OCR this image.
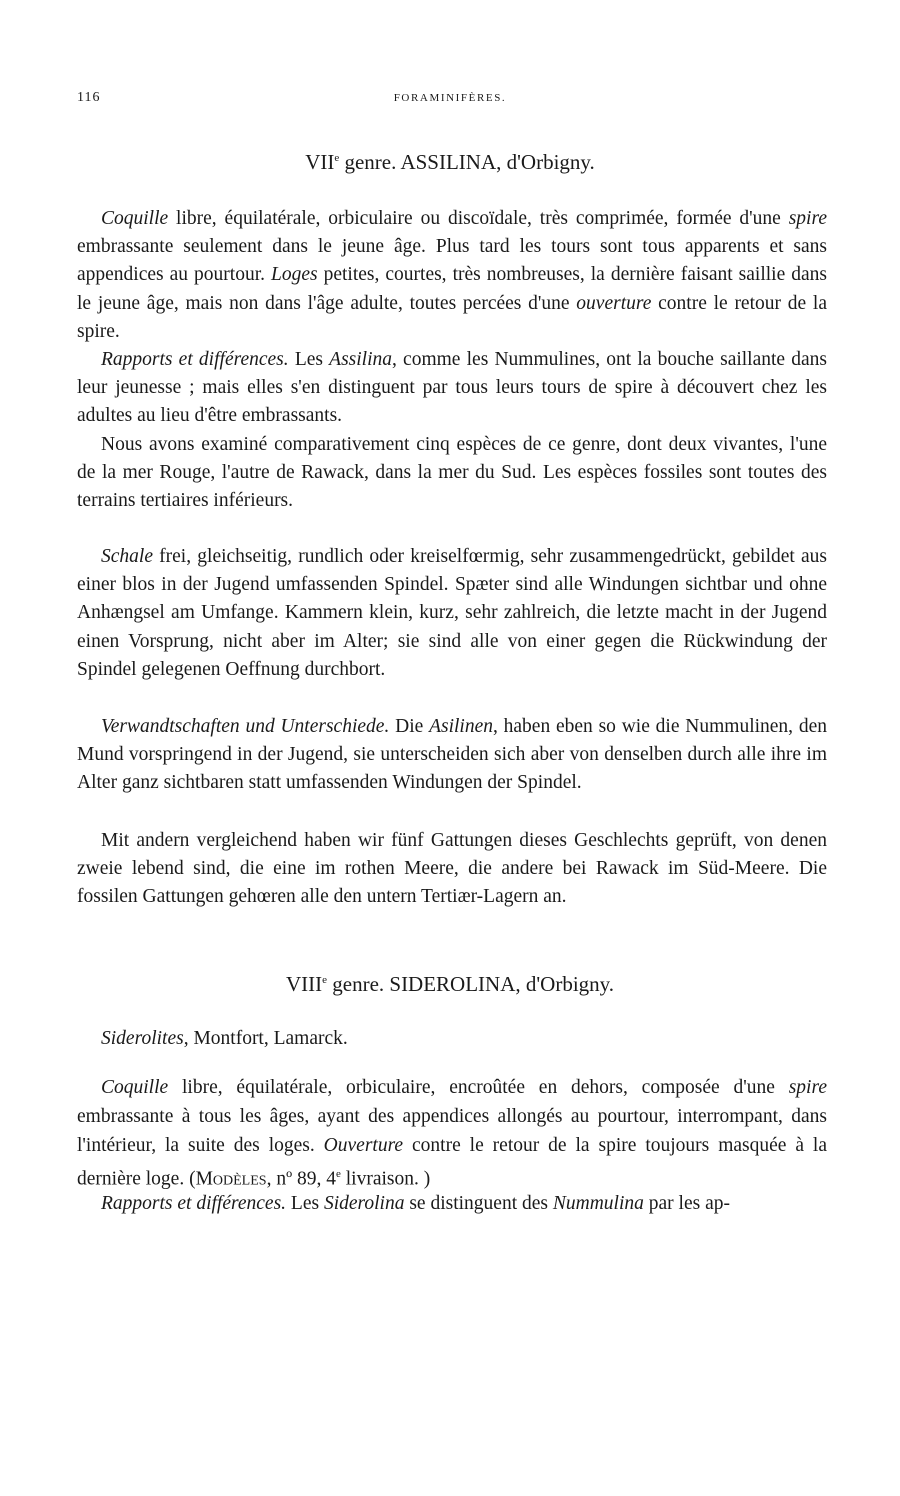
116	FORAMINIFÈRES.
VIIe genre. ASSILINA, d'Orbigny.

Coquille libre, équilatérale, orbiculaire ou discoïdale, très comprimée, formée d'une spire embrassante seulement dans le jeune âge. Plus tard les tours sont tous apparents et sans appendices au pourtour. Loges petites, courtes, très nombreuses, la dernière faisant saillie dans le jeune âge, mais non dans l'âge adulte, toutes percées d'une ouverture contre le retour de la spire.

Rapports et différences. Les Assilina, comme les Nummulines, ont la bouche saillante dans leur jeunesse ; mais elles s'en distinguent par tous leurs tours de spire à découvert chez les adultes au lieu d'être embrassants.

Nous avons examiné comparativement cinq espèces de ce genre, dont deux vivantes, l'une de la mer Rouge, l'autre de Rawack, dans la mer du Sud. Les espèces fossiles sont toutes des terrains tertiaires inférieurs.

Schale frei, gleichseitig, rundlich oder kreiselfœrmig, sehr zusammengedrückt, gebildet aus einer blos in der Jugend umfassenden Spindel. Spæter sind alle Windungen sichtbar und ohne Anhængsel am Umfange. Kammern klein, kurz, sehr zahlreich, die letzte macht in der Jugend einen Vorsprung, nicht aber im Alter; sie sind alle von einer gegen die Rückwindung der Spindel gelegenen Oeffnung durchbort.

Verwandtschaften und Unterschiede. Die Asilinen, haben eben so wie die Nummulinen, den Mund vorspringend in der Jugend, sie unterscheiden sich aber von denselben durch alle ihre im Alter ganz sichtbaren statt umfassenden Windungen der Spindel.

Mit andern vergleichend haben wir fünf Gattungen dieses Geschlechts geprüft, von denen zweie lebend sind, die eine im rothen Meere, die andere bei Rawack im Süd-Meere. Die fossilen Gattungen gehœren alle den untern Tertiær-Lagern an.

VIIIe genre. SIDEROLINA, d'Orbigny.

Siderolites, Montfort, Lamarck.

Coquille libre, équilatérale, orbiculaire, encroûtée en dehors, composée d'une spire embrassante à tous les âges, ayant des appendices allongés au pourtour, interrompant, dans l'intérieur, la suite des loges. Ouverture contre le retour de la spire toujours masquée à la dernière loge. (Modèles, nº 89, 4e livraison. )

Rapports et différences. Les Siderolina se distinguent des Nummulina par les ap-
